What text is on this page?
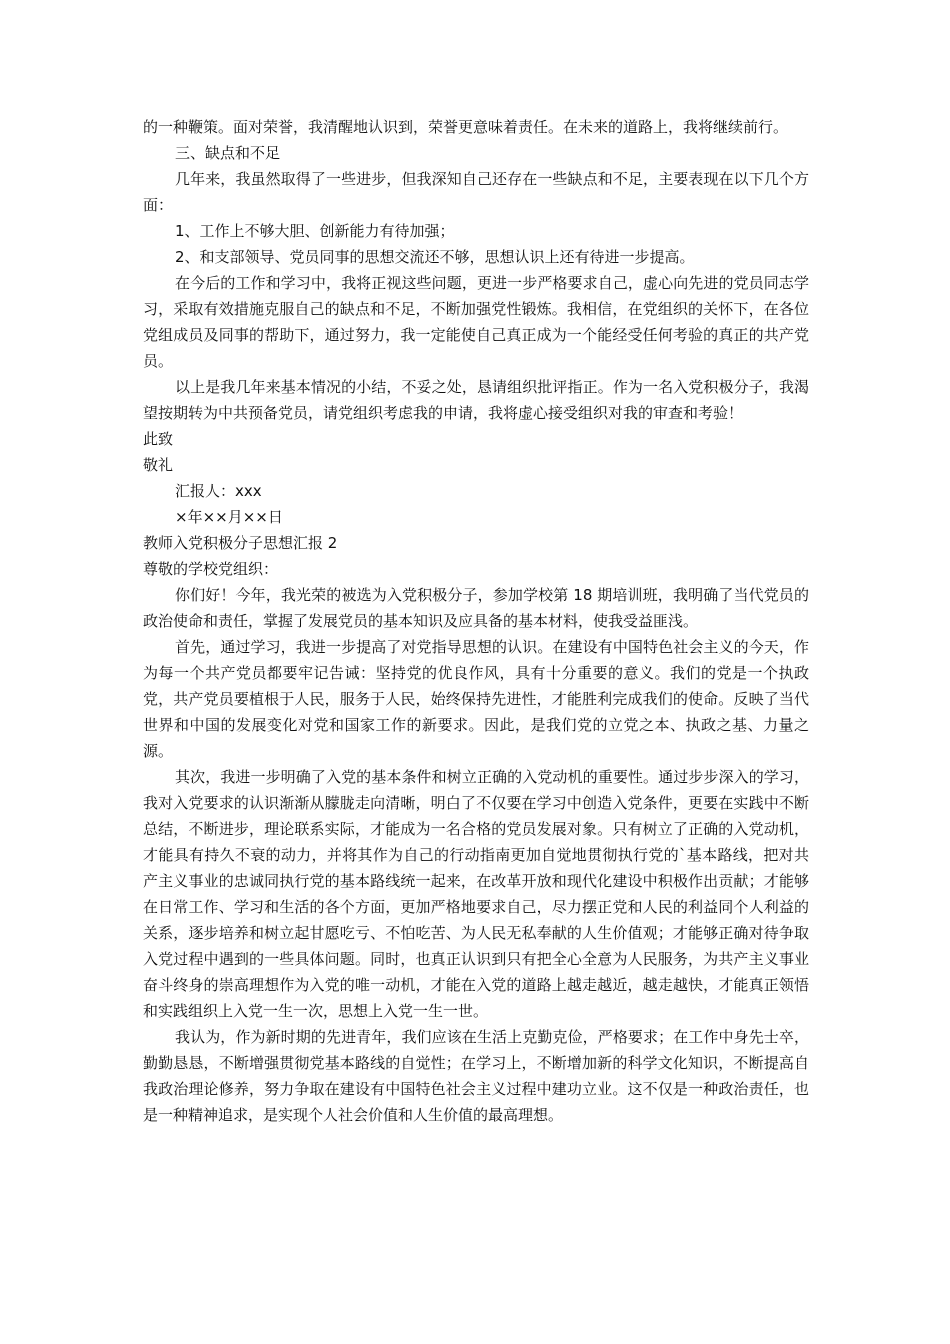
的一种鞭策。面对荣誉，我清醒地认识到，荣誉更意味着责任。在未来的道路上，我将继续前行。

三、缺点和不足

几年来，我虽然取得了一些进步，但我深知自己还存在一些缺点和不足，主要表现在以下几个方面：

1、工作上不够大胆、创新能力有待加强；

2、和支部领导、党员同事的思想交流还不够，思想认识上还有待进一步提高。

在今后的工作和学习中，我将正视这些问题，更进一步严格要求自己，虚心向先进的党员同志学习，采取有效措施克服自己的缺点和不足，不断加强党性锻炼。我相信，在党组织的关怀下，在各位党组成员及同事的帮助下，通过努力，我一定能使自己真正成为一个能经受任何考验的真正的共产党员。

以上是我几年来基本情况的小结，不妥之处，恳请组织批评指正。作为一名入党积极分子，我渴望按期转为中共预备党员，请党组织考虑我的申请，我将虚心接受组织对我的审查和考验！

此致

敬礼

汇报人：xxx

×年××月××日

教师入党积极分子思想汇报 2

尊敬的学校党组织：

你们好！今年，我光荣的被选为入党积极分子，参加学校第 18 期培训班，我明确了当代党员的政治使命和责任，掌握了发展党员的基本知识及应具备的基本材料，使我受益匪浅。

首先，通过学习，我进一步提高了对党指导思想的认识。在建设有中国特色社会主义的今天，作为每一个共产党员都要牢记告诫：坚持党的优良作风，具有十分重要的意义。我们的党是一个执政党，共产党员要植根于人民，服务于人民，始终保持先进性，才能胜利完成我们的使命。反映了当代世界和中国的发展变化对党和国家工作的新要求。因此，是我们党的立党之本、执政之基、力量之源。

其次，我进一步明确了入党的基本条件和树立正确的入党动机的重要性。通过步步深入的学习，我对入党要求的认识渐渐从朦胧走向清晰，明白了不仅要在学习中创造入党条件，更要在实践中不断总结，不断进步，理论联系实际，才能成为一名合格的党员发展对象。只有树立了正确的入党动机，才能具有持久不衰的动力，并将其作为自己的行动指南更加自觉地贯彻执行党的`基本路线，把对共产主义事业的忠诚同执行党的基本路线统一起来，在改革开放和现代化建设中积极作出贡献；才能够在日常工作、学习和生活的各个方面，更加严格地要求自己，尽力摆正党和人民的利益同个人利益的关系，逐步培养和树立起甘愿吃亏、不怕吃苦、为人民无私奉献的人生价值观；才能够正确对待争取入党过程中遇到的一些具体问题。同时，也真正认识到只有把全心全意为人民服务，为共产主义事业奋斗终身的崇高理想作为入党的唯一动机，才能在入党的道路上越走越近，越走越快，才能真正领悟和实践组织上入党一生一次，思想上入党一生一世。

我认为，作为新时期的先进青年，我们应该在生活上克勤克俭，严格要求；在工作中身先士卒，勤勤恳恳，不断增强贯彻党基本路线的自觉性；在学习上，不断增加新的科学文化知识，不断提高自我政治理论修养，努力争取在建设有中国特色社会主义过程中建功立业。这不仅是一种政治责任，也是一种精神追求，是实现个人社会价值和人生价值的最高理想。
